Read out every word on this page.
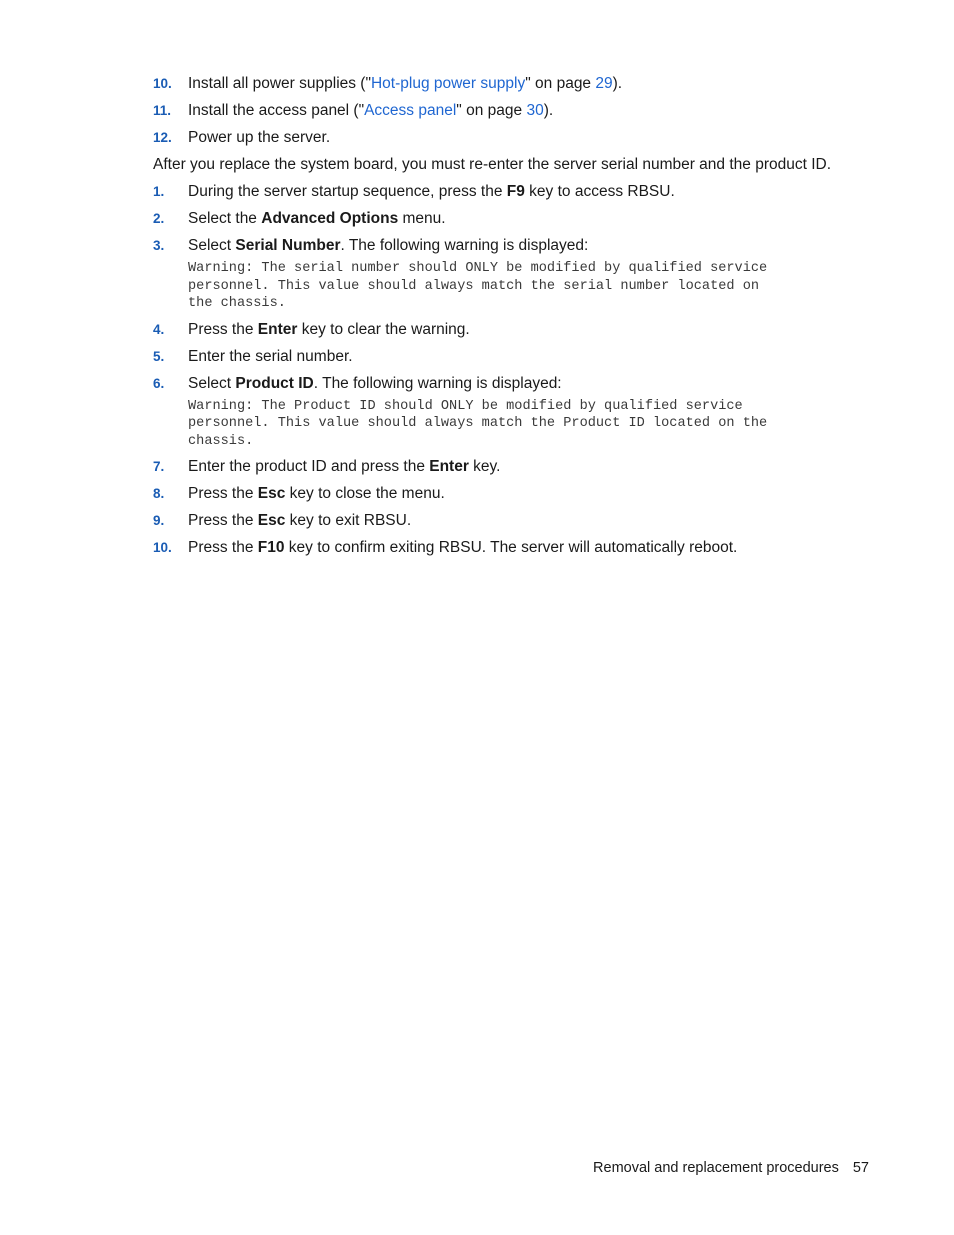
10. Install all power supplies ("Hot-plug power supply" on page 29).
11. Install the access panel ("Access panel" on page 30).
12. Power up the server.
After you replace the system board, you must re-enter the server serial number and the product ID.
1. During the server startup sequence, press the F9 key to access RBSU.
2. Select the Advanced Options menu.
3. Select Serial Number. The following warning is displayed:
Warning: The serial number should ONLY be modified by qualified service
personnel. This value should always match the serial number located on
the chassis.
4. Press the Enter key to clear the warning.
5. Enter the serial number.
6. Select Product ID. The following warning is displayed:
Warning: The Product ID should ONLY be modified by qualified service
personnel. This value should always match the Product ID located on the
chassis.
7. Enter the product ID and press the Enter key.
8. Press the Esc key to close the menu.
9. Press the Esc key to exit RBSU.
10. Press the F10 key to confirm exiting RBSU. The server will automatically reboot.
Removal and replacement procedures 57
